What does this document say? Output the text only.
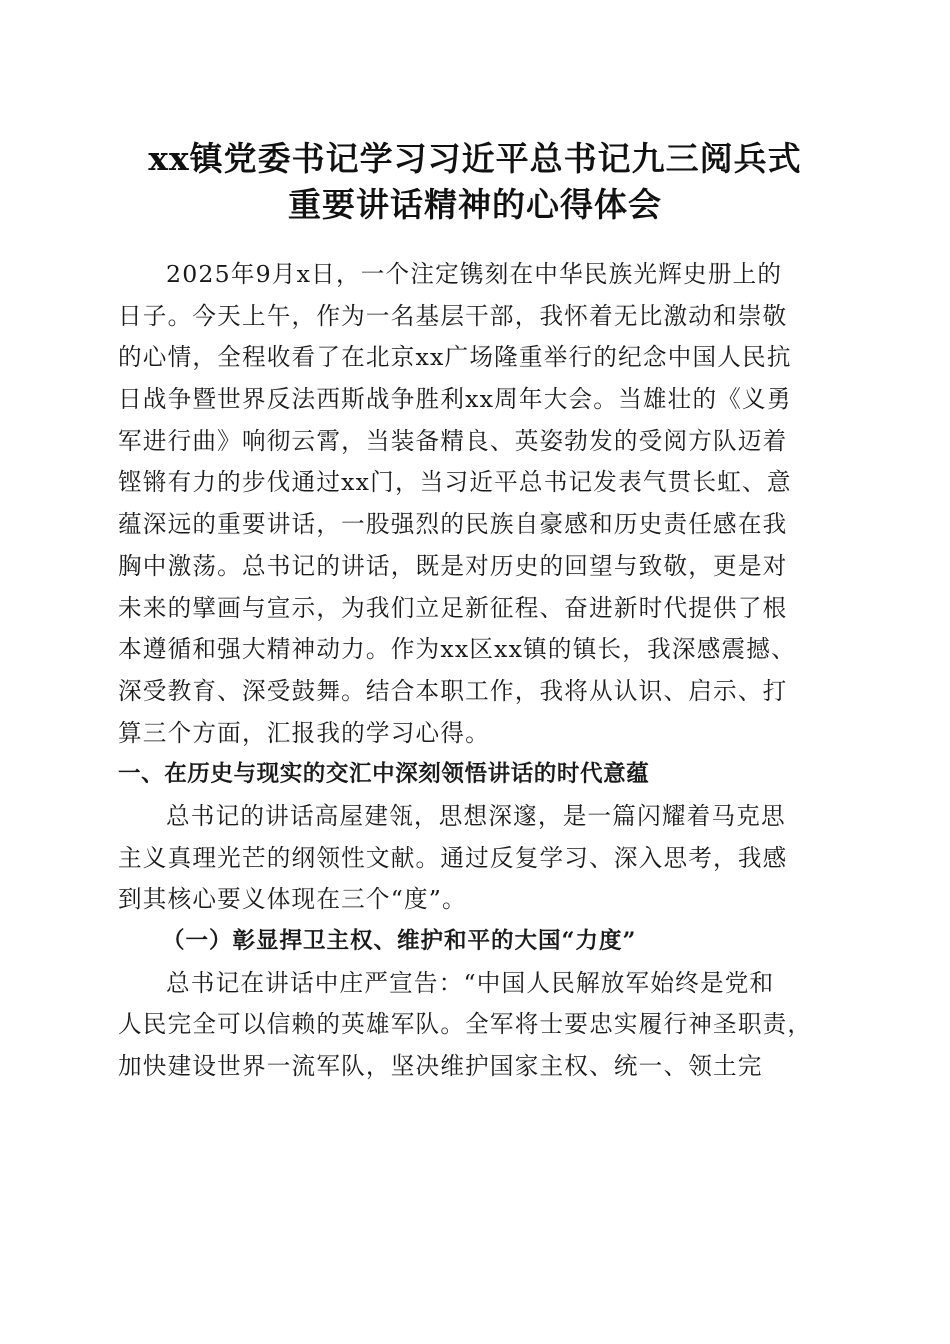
xx镇党委书记学习习近平总书记九三阅兵式
重要讲话精神的心得体会
2025年9月x日，一个注定镌刻在中华民族光辉史册上的
日子。今天上午，作为一名基层干部，我怀着无比激动和崇敬
的心情，全程收看了在北京xx广场隆重举行的纪念中国人民抗
日战争暨世界反法西斯战争胜利xx周年大会。当雄壮的《义勇
军进行曲》响彻云霄，当装备精良、英姿勃发的受阅方队迈着
铿锵有力的步伐通过xx门，当习近平总书记发表气贯长虹、意
蕴深远的重要讲话，一股强烈的民族自豪感和历史责任感在我
胸中激荡。总书记的讲话，既是对历史的回望与致敬，更是对
未来的擘画与宣示，为我们立足新征程、奋进新时代提供了根
本遵循和强大精神动力。作为xx区xx镇的镇长，我深感震撼、
深受教育、深受鼓舞。结合本职工作，我将从认识、启示、打
算三个方面，汇报我的学习心得。
一、在历史与现实的交汇中深刻领悟讲话的时代意蕴
总书记的讲话高屋建瓴，思想深邃，是一篇闪耀着马克思
主义真理光芒的纲领性文献。通过反复学习、深入思考，我感
到其核心要义体现在三个“度”。
（一）彰显捍卫主权、维护和平的大国“力度”
总书记在讲话中庄严宣告：“中国人民解放军始终是党和
人民完全可以信赖的英雄军队。全军将士要忠实履行神圣职责，
加快建设世界一流军队，坚决维护国家主权、统一、领土完
